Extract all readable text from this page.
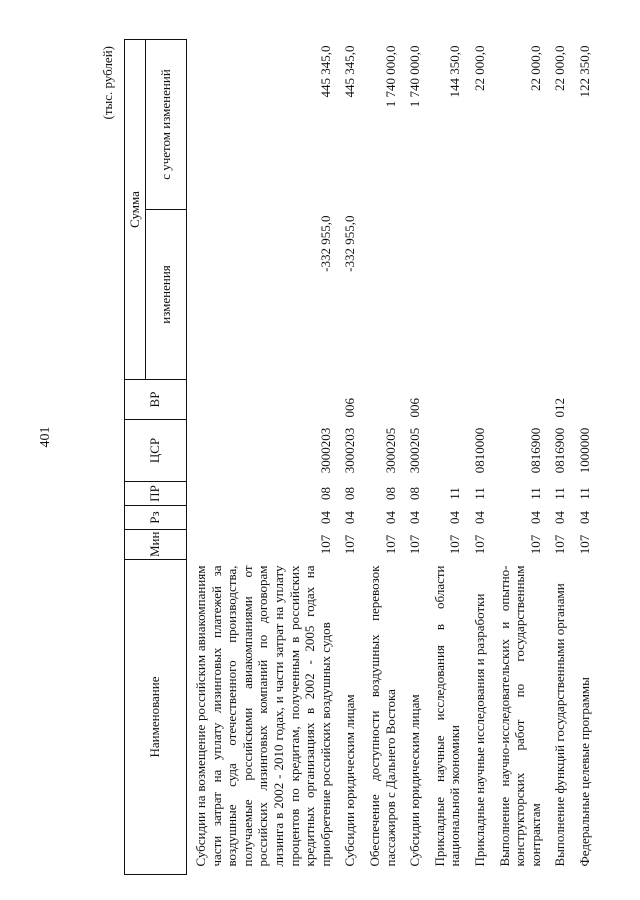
401
(тыс. рублей)
Наименование	Мин	Рз	ПР	ЦСР	ВР	Сумма	
						изменения	с учетом изменений
Субсидии на возмещение российским авиакомпаниям части затрат на уплату лизинговых платежей за воздушные суда отечественного производства, получаемые российскими авиакомпаниями от российских лизинговых компаний по договорам лизинга в 2002 - 2010 годах, и части затрат на уплату процентов по кредитам, полученным в российских кредитных организациях в 2002 - 2005 годах на приобретение российских воздушных судов	107	04	08	3000203		-332 955,0	445 345,0
Субсидии юридическим лицам	107	04	08	3000203	006	-332 955,0	445 345,0
Обеспечение доступности воздушных перевозок пассажиров с Дальнего Востока	107	04	08	3000205			1 740 000,0
Субсидии юридическим лицам	107	04	08	3000205	006		1 740 000,0
Прикладные научные исследования в области национальной экономики	107	04	11				144 350,0
Прикладные научные исследования и разработки	107	04	11	0810000			22 000,0
Выполнение научно-исследовательских и опытно-конструкторских работ по государственным контрактам	107	04	11	0816900			22 000,0
Выполнение функций государственными органами	107	04	11	0816900	012		22 000,0
Федеральные целевые программы	107	04	11	1000000			122 350,0
